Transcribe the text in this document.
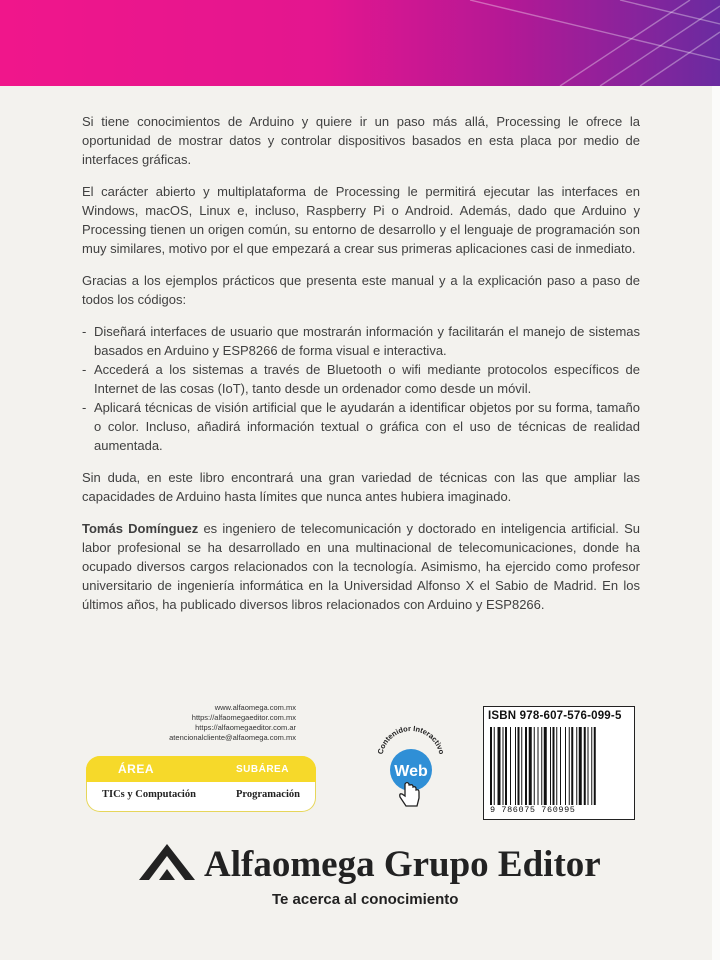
Si tiene conocimientos de Arduino y quiere ir un paso más allá, Processing le ofrece la oportunidad de mostrar datos y controlar dispositivos basados en esta placa por medio de interfaces gráficas.

El carácter abierto y multiplataforma de Processing le permitirá ejecutar las interfaces en Windows, macOS, Linux e, incluso, Raspberry Pi o Android. Además, dado que Arduino y Processing tienen un origen común, su entorno de desarrollo y el lenguaje de programación son muy similares, motivo por el que empezará a crear sus primeras aplicaciones casi de inmediato.

Gracias a los ejemplos prácticos que presenta este manual y a la explicación paso a paso de todos los códigos:

- Diseñará interfaces de usuario que mostrarán información y facilitarán el manejo de sistemas basados en Arduino y ESP8266 de forma visual e interactiva.
- Accederá a los sistemas a través de Bluetooth o wifi mediante protocolos específicos de Internet de las cosas (IoT), tanto desde un ordenador como desde un móvil.
- Aplicará técnicas de visión artificial que le ayudarán a identificar objetos por su forma, tamaño o color. Incluso, añadirá información textual o gráfica con el uso de técnicas de realidad aumentada.

Sin duda, en este libro encontrará una gran variedad de técnicas con las que ampliar las capacidades de Arduino hasta límites que nunca antes hubiera imaginado.

Tomás Domínguez es ingeniero de telecomunicación y doctorado en inteligencia artificial. Su labor profesional se ha desarrollado en una multinacional de telecomunicaciones, donde ha ocupado diversos cargos relacionados con la tecnología. Asimismo, ha ejercido como profesor universitario de ingeniería informática en la Universidad Alfonso X el Sabio de Madrid. En los últimos años, ha publicado diversos libros relacionados con Arduino y ESP8266.

www.alfaomega.com.mx
https://alfaomegaeditor.com.mx
https://alfaomegaeditor.com.ar
atencionalcliente@alfaomega.com.mx
ÁREA	SUBÁREA
TICs y Computación	Programación
Contenidor Interactivo
Web
ISBN 978-607-576-099-5
9 786075 760995
Alfaomega Grupo Editor
Te acerca al conocimiento
